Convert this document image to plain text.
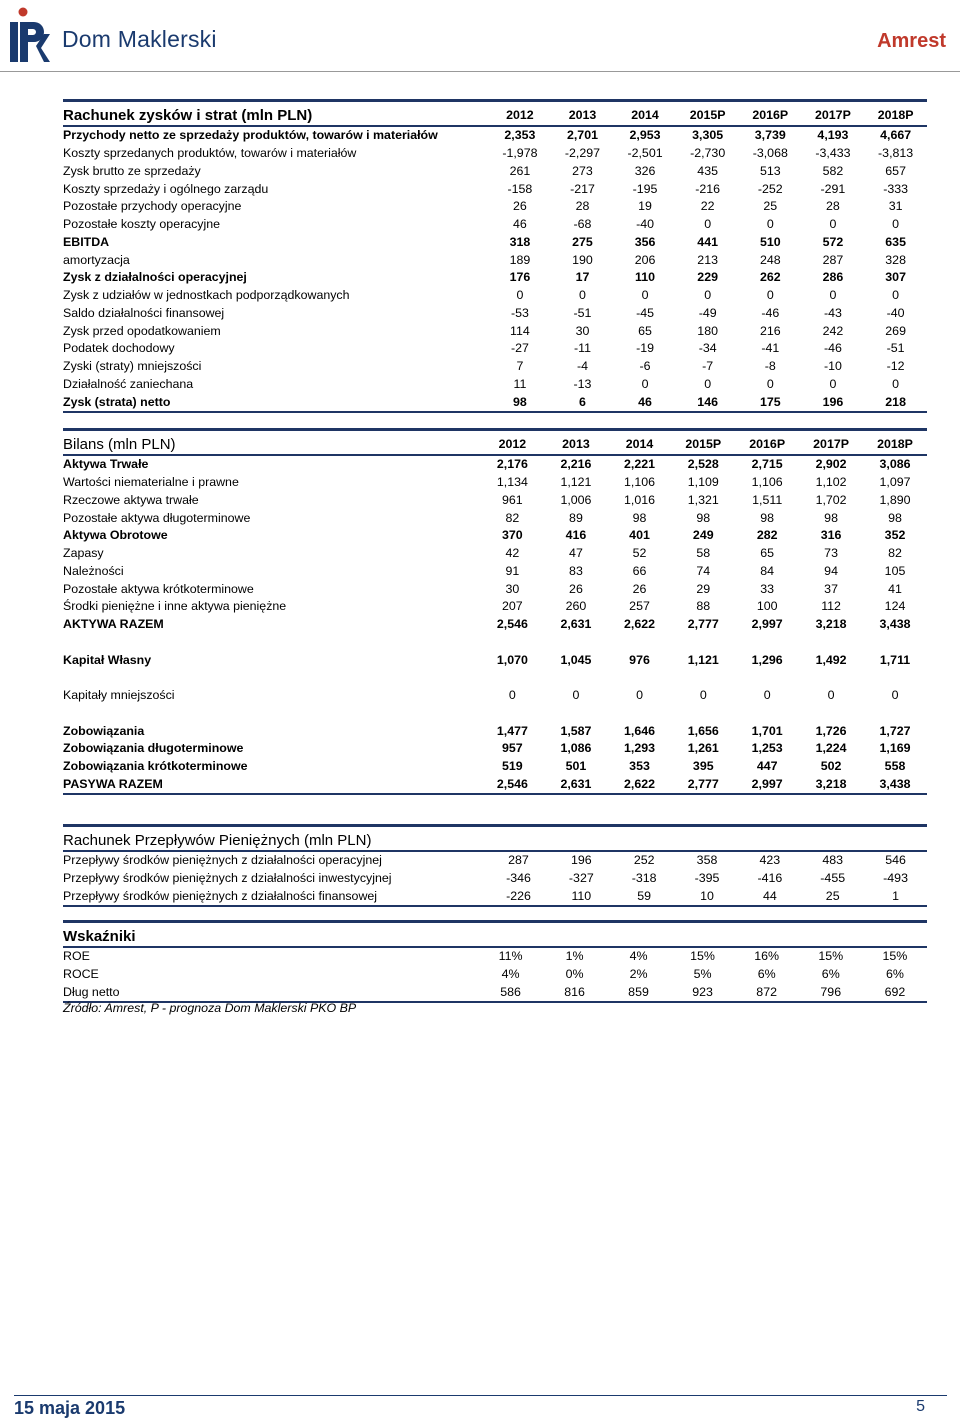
Dom Maklerski	Amrest
Rachunek zysków i strat (mln PLN)	2012	2013	2014	2015P	2016P	2017P	2018P
Przychody netto ze sprzedaży produktów, towarów i materiałów	2,353	2,701	2,953	3,305	3,739	4,193	4,667
Koszty sprzedanych produktów, towarów i materiałów	-1,978	-2,297	-2,501	-2,730	-3,068	-3,433	-3,813
Zysk brutto ze sprzedaży	261	273	326	435	513	582	657
Koszty sprzedaży i ogólnego zarządu	-158	-217	-195	-216	-252	-291	-333
Pozostałe przychody operacyjne	26	28	19	22	25	28	31
Pozostałe koszty operacyjne	46	-68	-40	0	0	0	0
EBITDA	318	275	356	441	510	572	635
amortyzacja	189	190	206	213	248	287	328
Zysk z działalności operacyjnej	176	17	110	229	262	286	307
Zysk z udziałów w jednostkach podporządkowanych	0	0	0	0	0	0	0
Saldo działalności finansowej	-53	-51	-45	-49	-46	-43	-40
Zysk przed opodatkowaniem	114	30	65	180	216	242	269
Podatek dochodowy	-27	-11	-19	-34	-41	-46	-51
Zyski (straty) mniejszości	7	-4	-6	-7	-8	-10	-12
Działalność zaniechana	11	-13	0	0	0	0	0
Zysk (strata) netto	98	6	46	146	175	196	218
Bilans (mln PLN)	2012	2013	2014	2015P	2016P	2017P	2018P
Aktywa Trwałe	2,176	2,216	2,221	2,528	2,715	2,902	3,086
Wartości niematerialne i prawne	1,134	1,121	1,106	1,109	1,106	1,102	1,097
Rzeczowe aktywa trwałe	961	1,006	1,016	1,321	1,511	1,702	1,890
Pozostałe aktywa długoterminowe	82	89	98	98	98	98	98
Aktywa Obrotowe	370	416	401	249	282	316	352
Zapasy	42	47	52	58	65	73	82
Należności	91	83	66	74	84	94	105
Pozostałe aktywa krótkoterminowe	30	26	26	29	33	37	41
Środki pieniężne i inne aktywa pieniężne	207	260	257	88	100	112	124
AKTYWA RAZEM	2,546	2,631	2,622	2,777	2,997	3,218	3,438

Kapitał Własny	1,070	1,045	976	1,121	1,296	1,492	1,711

Kapitały mniejszości	0	0	0	0	0	0	0

Zobowiązania	1,477	1,587	1,646	1,656	1,701	1,726	1,727
Zobowiązania długoterminowe	957	1,086	1,293	1,261	1,253	1,224	1,169
Zobowiązania krótkoterminowe	519	501	353	395	447	502	558
PASYWA RAZEM	2,546	2,631	2,622	2,777	2,997	3,218	3,438
Rachunek Przepływów Pieniężnych (mln PLN)							
Przepływy środków pieniężnych z działalności operacyjnej	287	196	252	358	423	483	546
Przepływy środków pieniężnych z działalności inwestycyjnej	-346	-327	-318	-395	-416	-455	-493
Przepływy środków pieniężnych z działalności finansowej	-226	110	59	10	44	25	1
Wskaźniki							
ROE	11%	1%	4%	15%	16%	15%	15%
ROCE	4%	0%	2%	5%	6%	6%	6%
Dług netto	586	816	859	923	872	796	692
Źródło: Amrest, P - prognoza Dom Maklerski PKO BP
15 maja 2015	5
